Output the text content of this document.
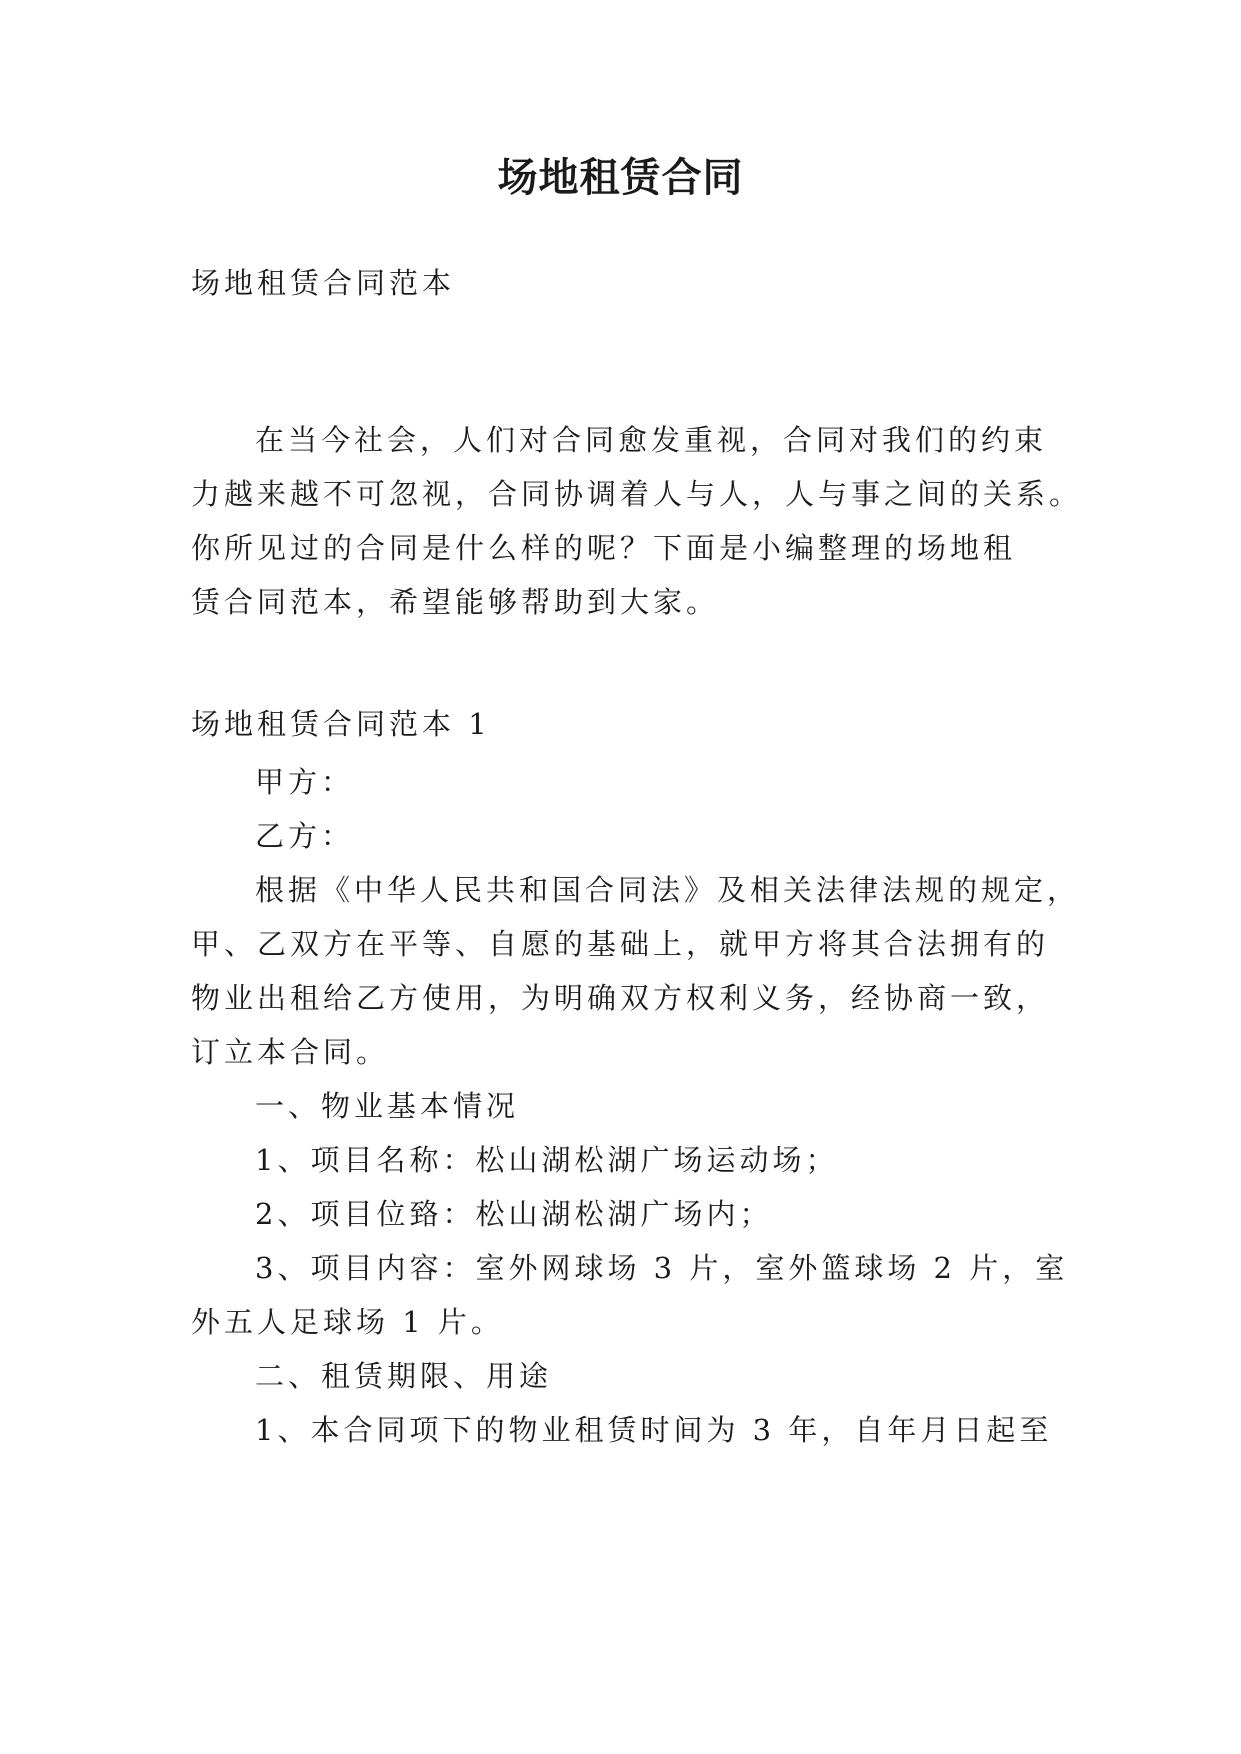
场地租赁合同

场地租赁合同范本

在当今社会，人们对合同愈发重视，合同对我们的约束

力越来越不可忽视，合同协调着人与人，人与事之间的关系。

你所见过的合同是什么样的呢？下面是小编整理的场地租

赁合同范本，希望能够帮助到大家。

场地租赁合同范本 1

甲方：

乙方：

根据《中华人民共和国合同法》及相关法律法规的规定，

甲、乙双方在平等、自愿的基础上，就甲方将其合法拥有的

物业出租给乙方使用，为明确双方权利义务，经协商一致，

订立本合同。

一、物业基本情况

1、项目名称：松山湖松湖广场运动场；

2、项目位臵：松山湖松湖广场内；

3、项目内容：室外网球场 3 片，室外篮球场 2 片，室

外五人足球场 1 片。

二、租赁期限、用途

1、本合同项下的物业租赁时间为 3 年，自年月日起至
